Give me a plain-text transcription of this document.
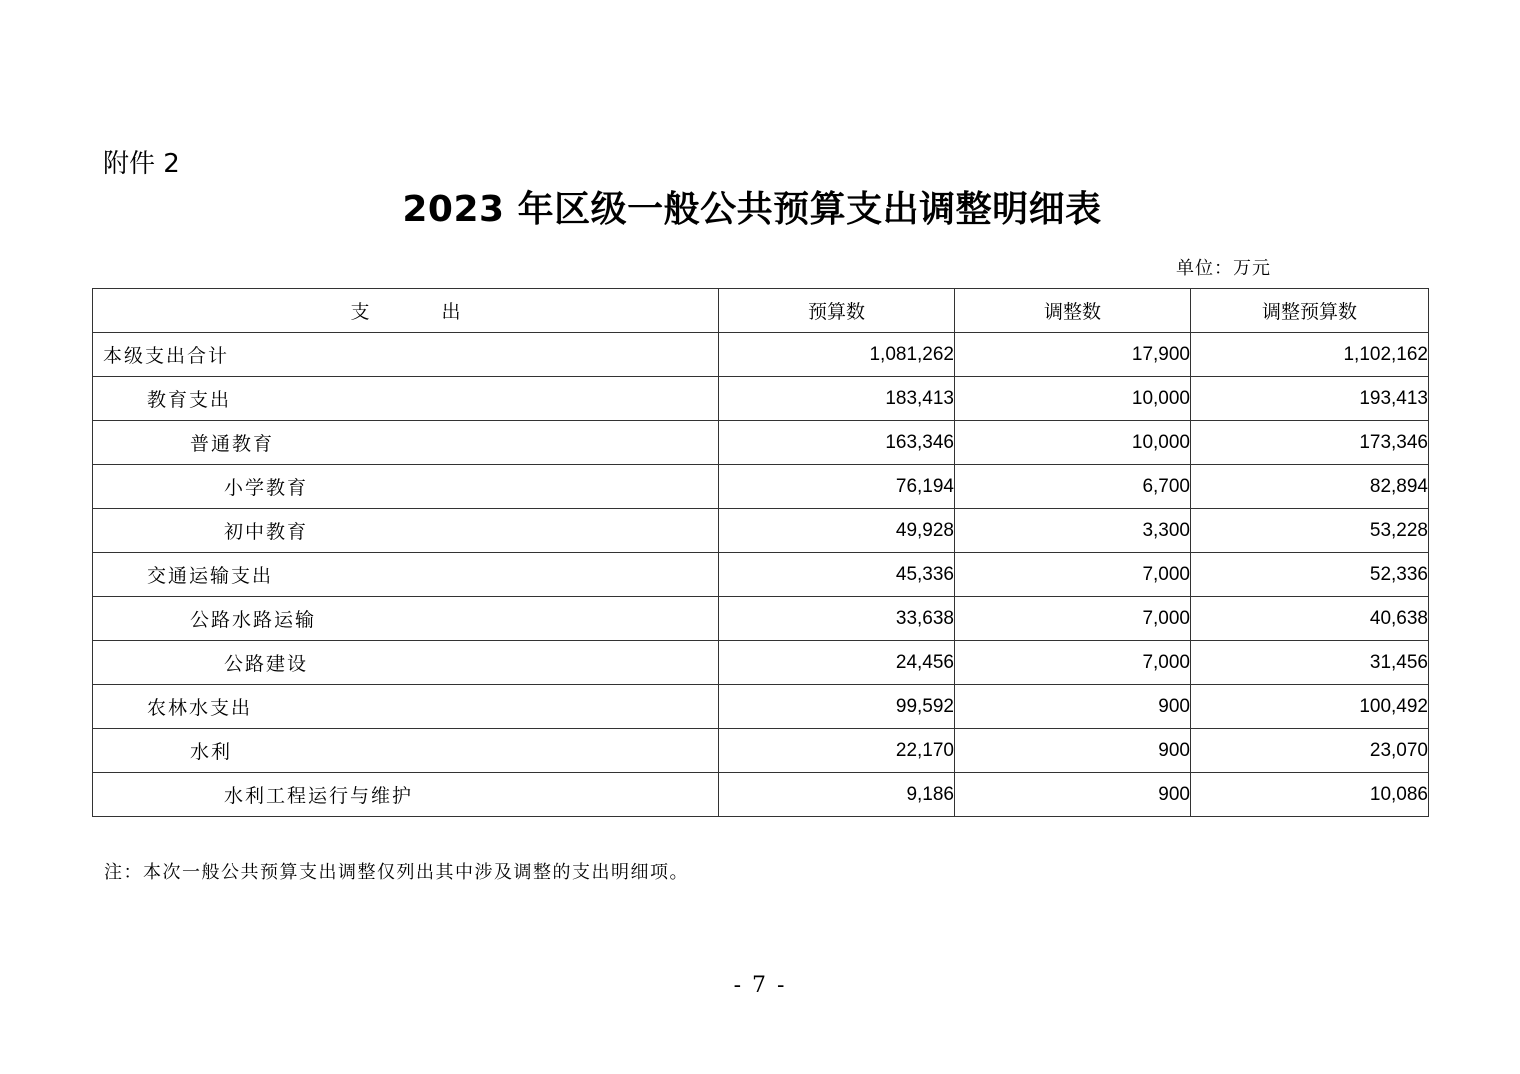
附件 2
2023 年区级一般公共预算支出调整明细表
单位：万元
支 出	预算数	调整数	调整预算数
本级支出合计	1,081,262	17,900	1,102,162
教育支出	183,413	10,000	193,413
普通教育	163,346	10,000	173,346
小学教育	76,194	6,700	82,894
初中教育	49,928	3,300	53,228
交通运输支出	45,336	7,000	52,336
公路水路运输	33,638	7,000	40,638
公路建设	24,456	7,000	31,456
农林水支出	99,592	900	100,492
水利	22,170	900	23,070
水利工程运行与维护	9,186	900	10,086
注：本次一般公共预算支出调整仅列出其中涉及调整的支出明细项。
- 7 -
